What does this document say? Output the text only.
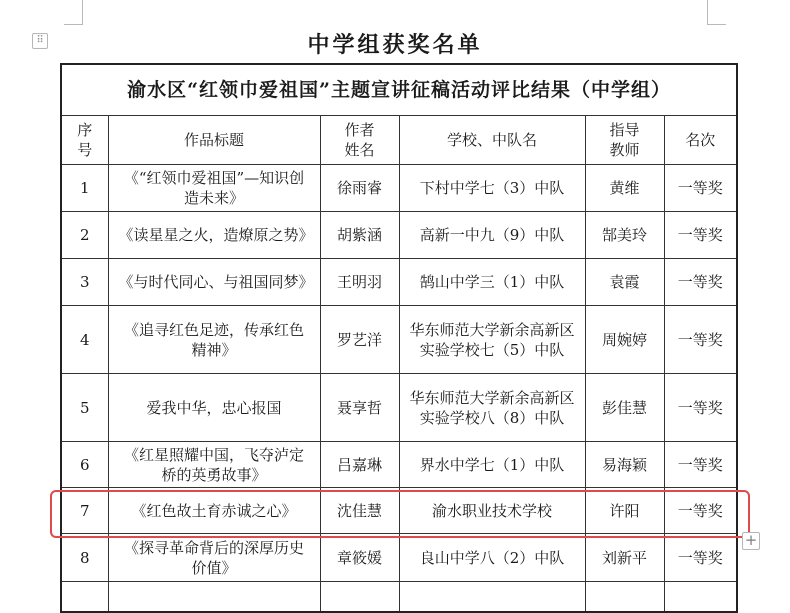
⠿	中学组获奖名单
渝水区“红领巾爱祖国”主题宣讲征稿活动评比结果（中学组）					
序号	作品标题	作者姓名	学校、中队名	指导教师	名次
1	《“红领巾爱祖国”—知识创造未来》	徐雨睿	下村中学七（3）中队	黄维	一等奖
2	《读星星之火，造燎原之势》	胡紫涵	高新一中九（9）中队	郜美玲	一等奖
3	《与时代同心、与祖国同梦》	王明羽	鹄山中学三（1）中队	袁霞	一等奖
4	《追寻红色足迹，传承红色精神》	罗艺洋	华东师范大学新余高新区实验学校七（5）中队	周婉婷	一等奖
5	爱我中华，忠心报国	聂享哲	华东师范大学新余高新区实验学校八（8）中队	彭佳慧	一等奖
6	《红星照耀中国，飞夺泸定桥的英勇故事》	吕嘉琳	界水中学七（1）中队	易海颖	一等奖
7	《红色故土育赤诚之心》	沈佳慧	渝水职业技术学校	许阳	一等奖
8	《探寻革命背后的深厚历史价值》	章筱媛	良山中学八（2）中队	刘新平	一等奖

+
